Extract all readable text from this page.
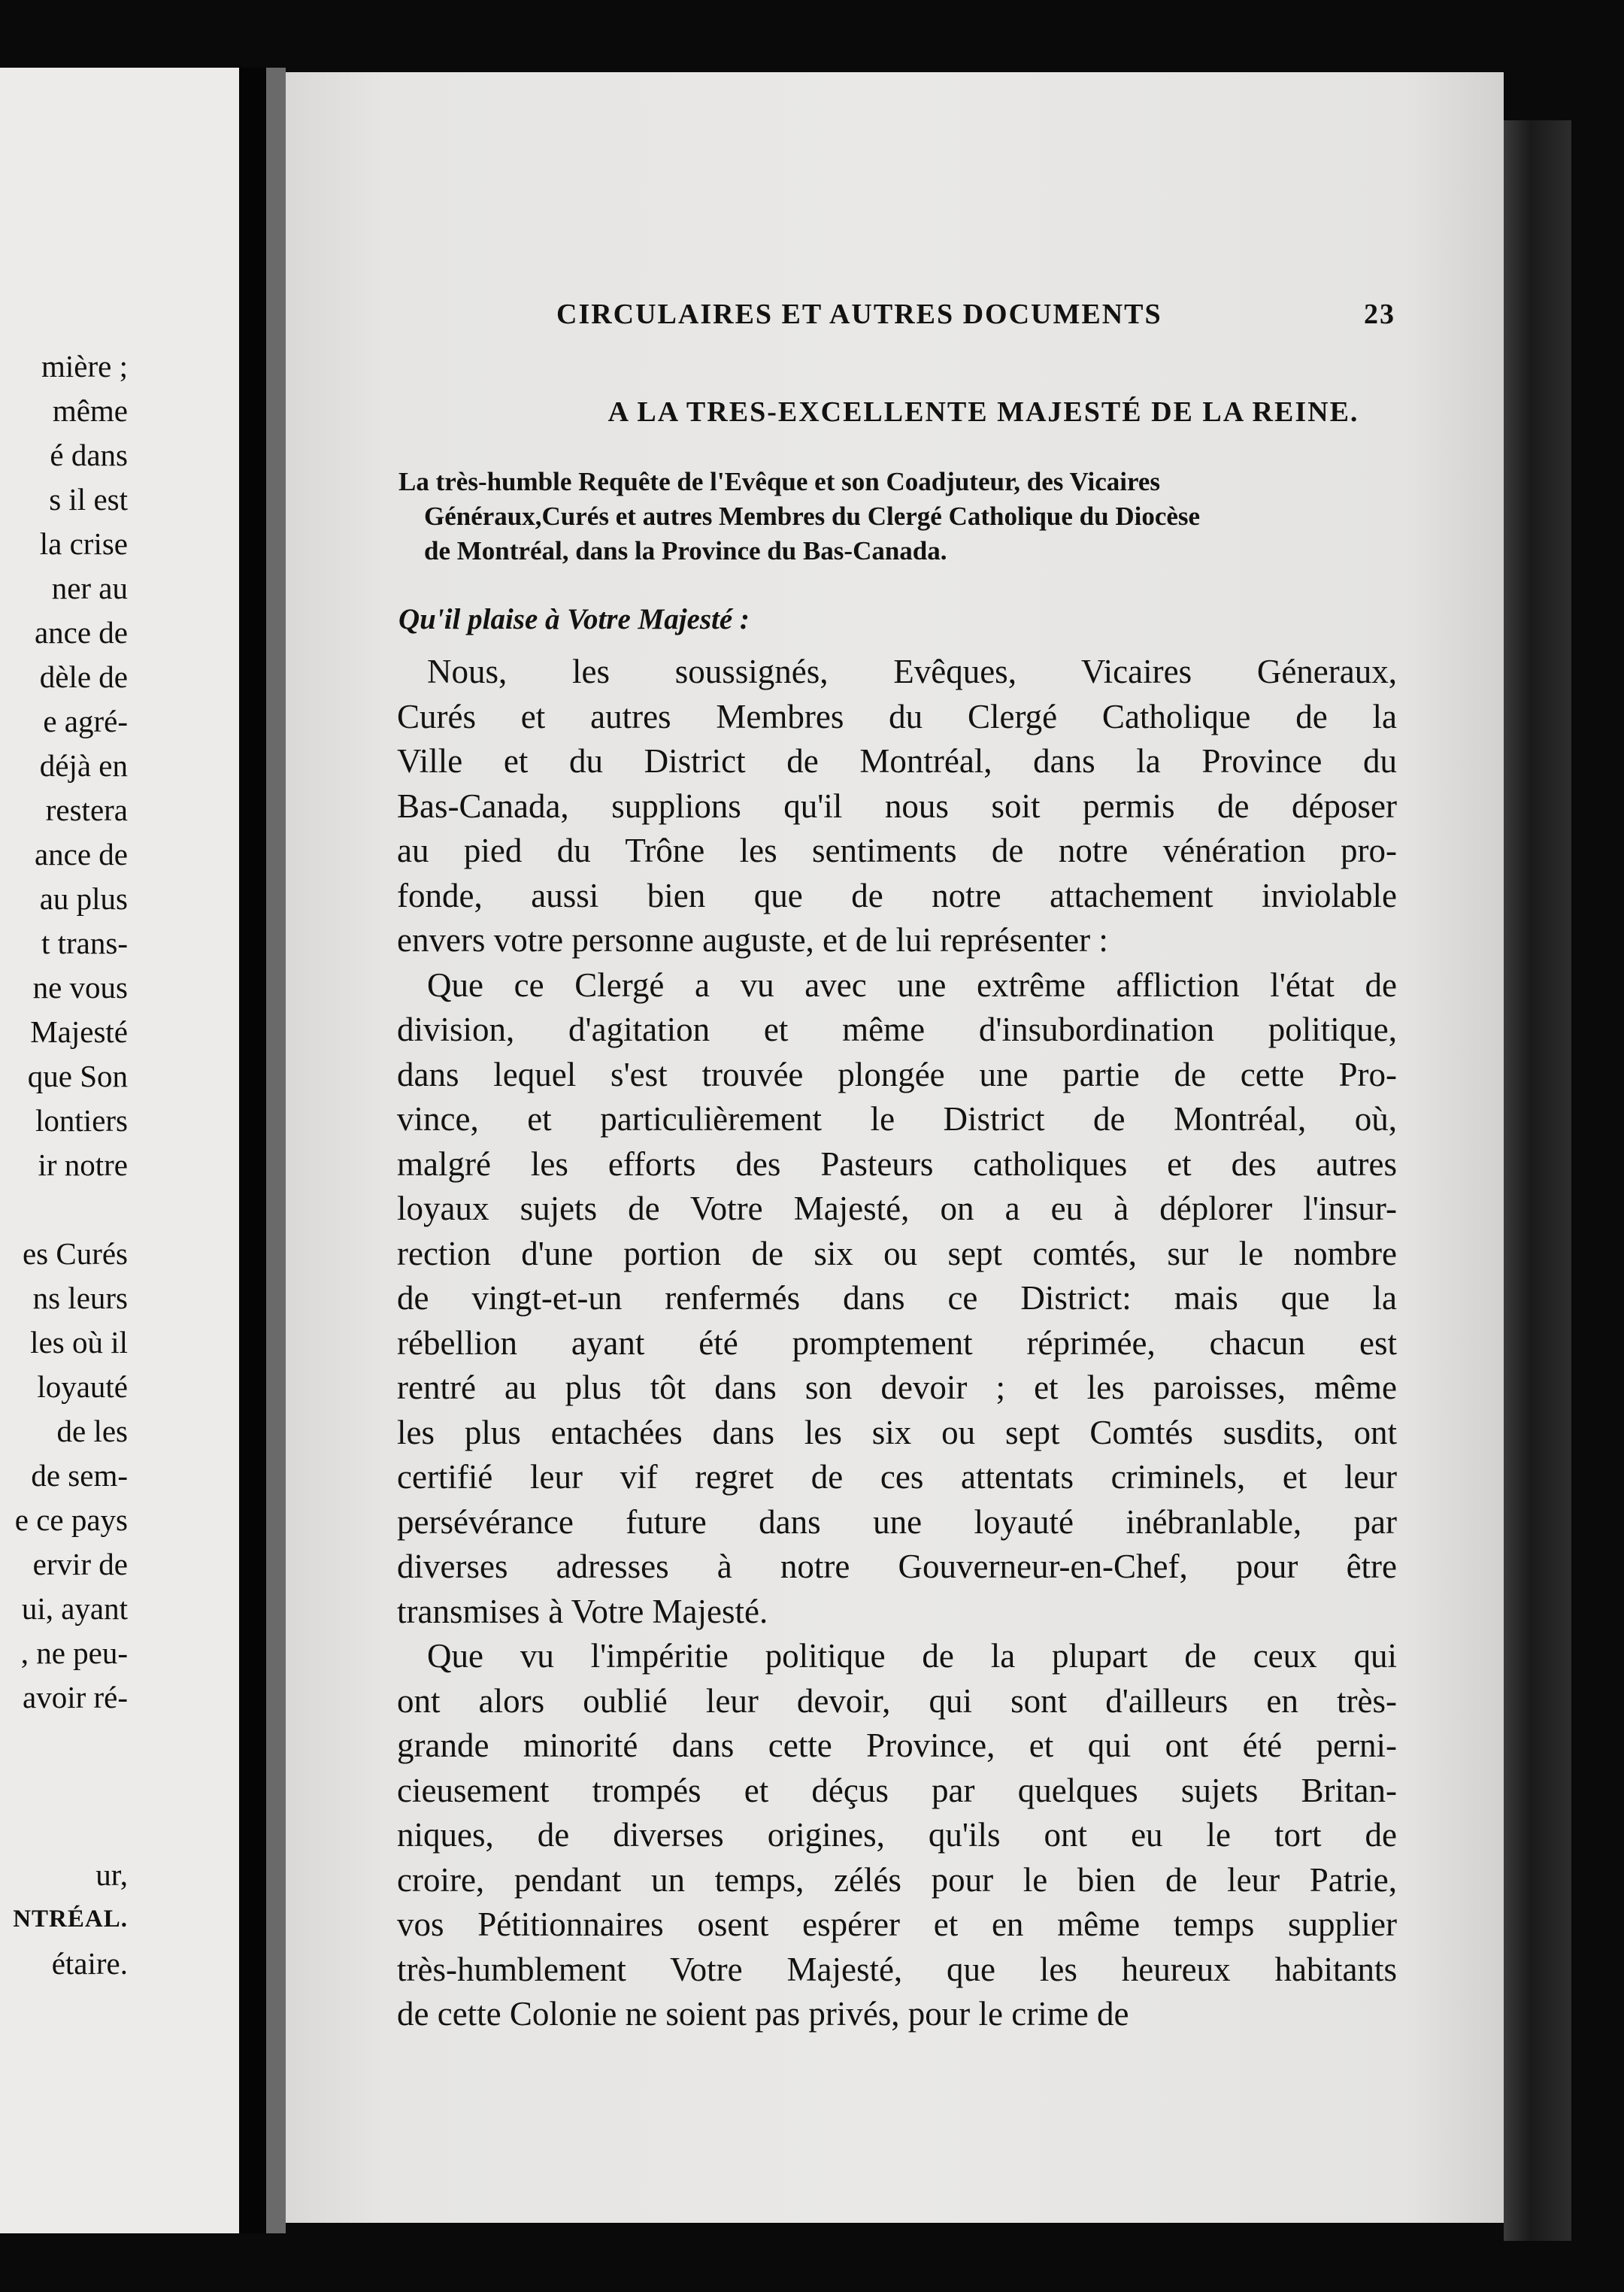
mière ;
même
é dans
s il est
la crise
ner au
ance de
dèle de
e agré-
déjà en
restera
ance de
au plus
t trans-
ne vous
Majesté
que Son
lontiers
ir notre
es Curés
ns leurs
les où il
loyauté
de les
de sem-
e ce pays
ervir de
ui, ayant
, ne peu-
avoir ré-
ur,
NTRÉAL.
étaire.
CIRCULAIRES ET AUTRES DOCUMENTS	23
A LA TRES-EXCELLENTE MAJESTÉ DE LA REINE.
La très-humble Requête de l'Evêque et son Coadjuteur, des Vicaires
Généraux,Curés et autres Membres du Clergé Catholique du Diocèse
de Montréal, dans la Province du Bas-Canada.
Qu'il plaise à Votre Majesté :
Nous, les soussignés, Evêques, Vicaires Géneraux,
Curés et autres Membres du Clergé Catholique de la
Ville et du District de Montréal, dans la Province du
Bas-Canada, supplions qu'il nous soit permis de déposer
au pied du Trône les sentiments de notre vénération pro-
fonde, aussi bien que de notre attachement inviolable
envers votre personne auguste, et de lui représenter :
Que ce Clergé a vu avec une extrême affliction l'état de
division, d'agitation et même d'insubordination politique,
dans lequel s'est trouvée plongée une partie de cette Pro-
vince, et particulièrement le District de Montréal, où,
malgré les efforts des Pasteurs catholiques et des autres
loyaux sujets de Votre Majesté, on a eu à déplorer l'insur-
rection d'une portion de six ou sept comtés, sur le nombre
de vingt-et-un renfermés dans ce District: mais que la
rébellion ayant été promptement réprimée, chacun est
rentré au plus tôt dans son devoir ; et les paroisses, même
les plus entachées dans les six ou sept Comtés susdits, ont
certifié leur vif regret de ces attentats criminels, et leur
persévérance future dans une loyauté inébranlable, par
diverses adresses à notre Gouverneur-en-Chef, pour être
transmises à Votre Majesté.
Que vu l'impéritie politique de la plupart de ceux qui
ont alors oublié leur devoir, qui sont d'ailleurs en très-
grande minorité dans cette Province, et qui ont été perni-
cieusement trompés et déçus par quelques sujets Britan-
niques, de diverses origines, qu'ils ont eu le tort de
croire, pendant un temps, zélés pour le bien de leur Patrie,
vos Pétitionnaires osent espérer et en même temps supplier
très-humblement Votre Majesté, que les heureux habitants
de cette Colonie ne soient pas privés, pour le crime de
